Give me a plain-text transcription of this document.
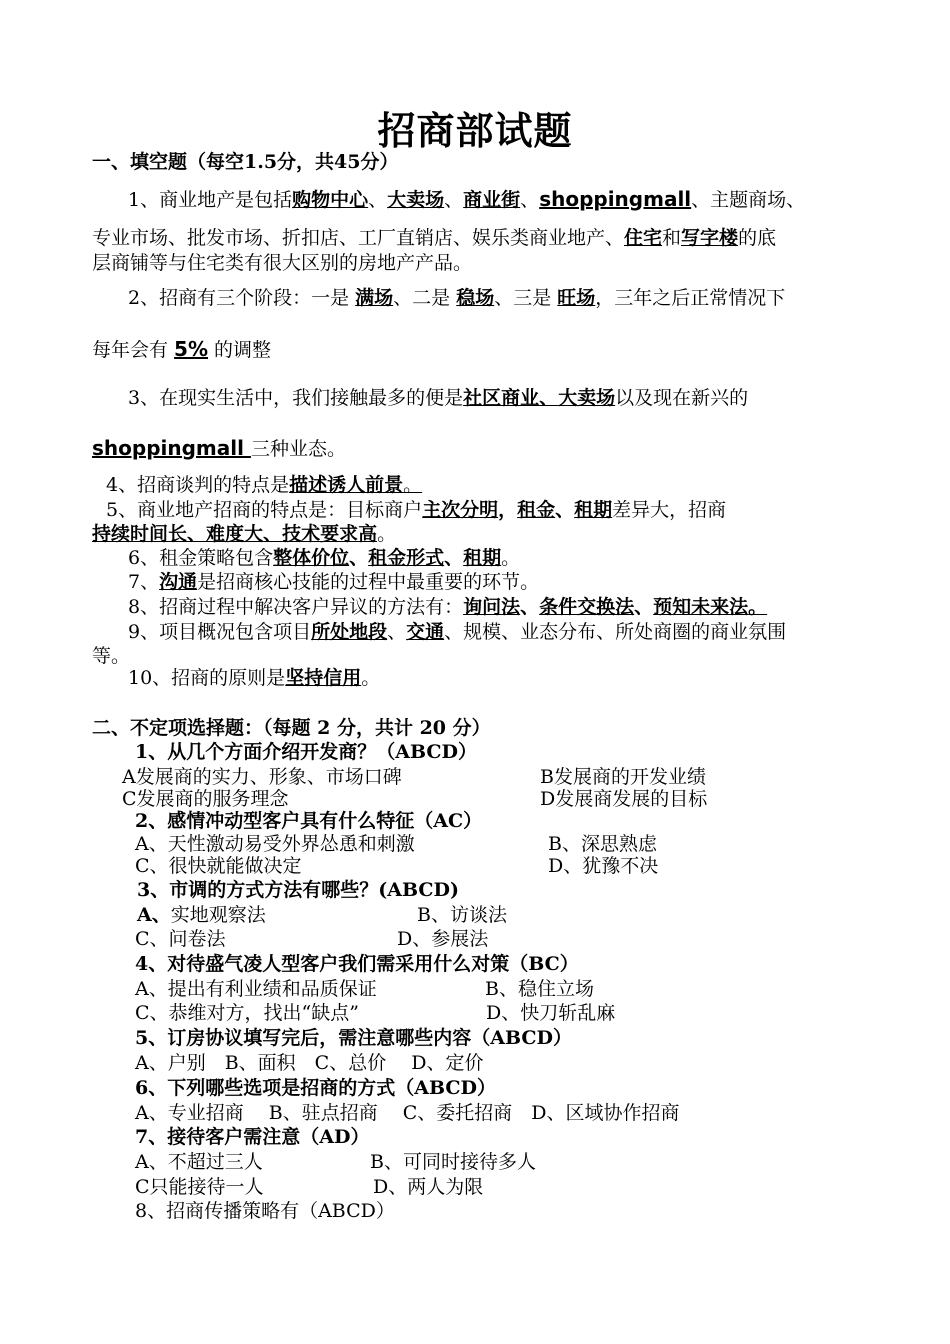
招商部试题
一、填空题（每空1.5分，共45分）
1、商业地产是包括购物中心、大卖场、商业街、shoppingmall、主题商场、
专业市场、批发市场、折扣店、工厂直销店、娱乐类商业地产、住宅和写字楼的底
层商铺等与住宅类有很大区别的房地产产品。
2、招商有三个阶段：一是 满场、二是 稳场、三是 旺场，三年之后正常情况下
每年会有 5% 的调整
3、在现实生活中，我们接触最多的便是社区商业、大卖场以及现在新兴的
shoppingmall 三种业态。
4、招商谈判的特点是描述诱人前景。
5、商业地产招商的特点是：目标商户主次分明，租金、租期差异大，招商
持续时间长、难度大、技术要求高。
6、租金策略包含整体价位、租金形式、租期。
7、沟通是招商核心技能的过程中最重要的环节。
8、招商过程中解决客户异议的方法有：询问法、条件交换法、预知未来法。
9、项目概况包含项目所处地段、交通、规模、业态分布、所处商圈的商业氛围
等。
10、招商的原则是坚持信用。
二、不定项选择题：（每题 2 分，共计 20 分）
1、从几个方面介绍开发商？（ABCD）
A发展商的实力、形象、市场口碑	B发展商的开发业绩
C发展商的服务理念	D发展商发展的目标
2、感情冲动型客户具有什么特征（AC）
A、天性激动易受外界怂恿和刺激	B、深思熟虑
C、很快就能做决定	D、犹豫不决
3、市调的方式方法有哪些？(ABCD)
A、实地观察法	B、访谈法
C、问卷法	D、参展法
4、对待盛气凌人型客户我们需采用什么对策（BC）
A、提出有利业绩和品质保证	B、稳住立场
C、恭维对方，找出“缺点”	D、快刀斩乱麻
5、订房协议填写完后，需注意哪些内容（ABCD）
A、户别　B、面积　C、总价　 D、定价
6、下列哪些选项是招商的方式（ABCD）
A、专业招商　 B、驻点招商　 C、委托招商　D、区域协作招商
7、接待客户需注意（AD）
A、不超过三人	B、可同时接待多人
C只能接待一人	D、两人为限
8、招商传播策略有（ABCD）
